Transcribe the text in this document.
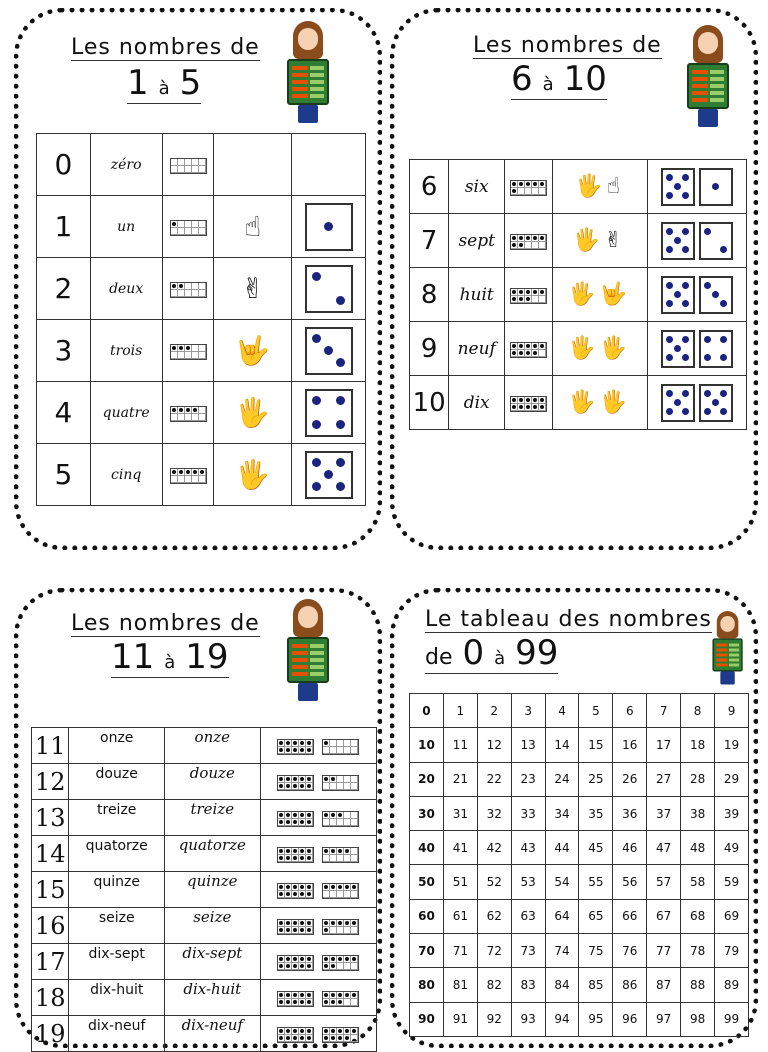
Les nombres de
1 à 5
0	zéro	

1	un		☝	

2	deux		✌	

3	trois		🤟	

4	quatre		🖐	

5	cinq		🖐	
Les nombres de
6 à 10
6	six		🖐☝	

7	sept		🖐✌	

8	huit		🖐🤟	

9	neuf		🖐🖐	

10	dix		🖐🖐	
Les nombres de
11 à 19
11	onze	onze	

12	douze	douze	

13	treize	treize	

14	quatorze	quatorze	

15	quinze	quinze	

16	seize	seize	

17	dix-sept	dix-sept	

18	dix-huit	dix-huit	

19	dix-neuf	dix-neuf	
Le tableau des nombres
de 0 à 99
0	1	2	3	4	5	6	7	8	9
10	11	12	13	14	15	16	17	18	19
20	21	22	23	24	25	26	27	28	29
30	31	32	33	34	35	36	37	38	39
40	41	42	43	44	45	46	47	48	49
50	51	52	53	54	55	56	57	58	59
60	61	62	63	64	65	66	67	68	69
70	71	72	73	74	75	76	77	78	79
80	81	82	83	84	85	86	87	88	89
90	91	92	93	94	95	96	97	98	99
